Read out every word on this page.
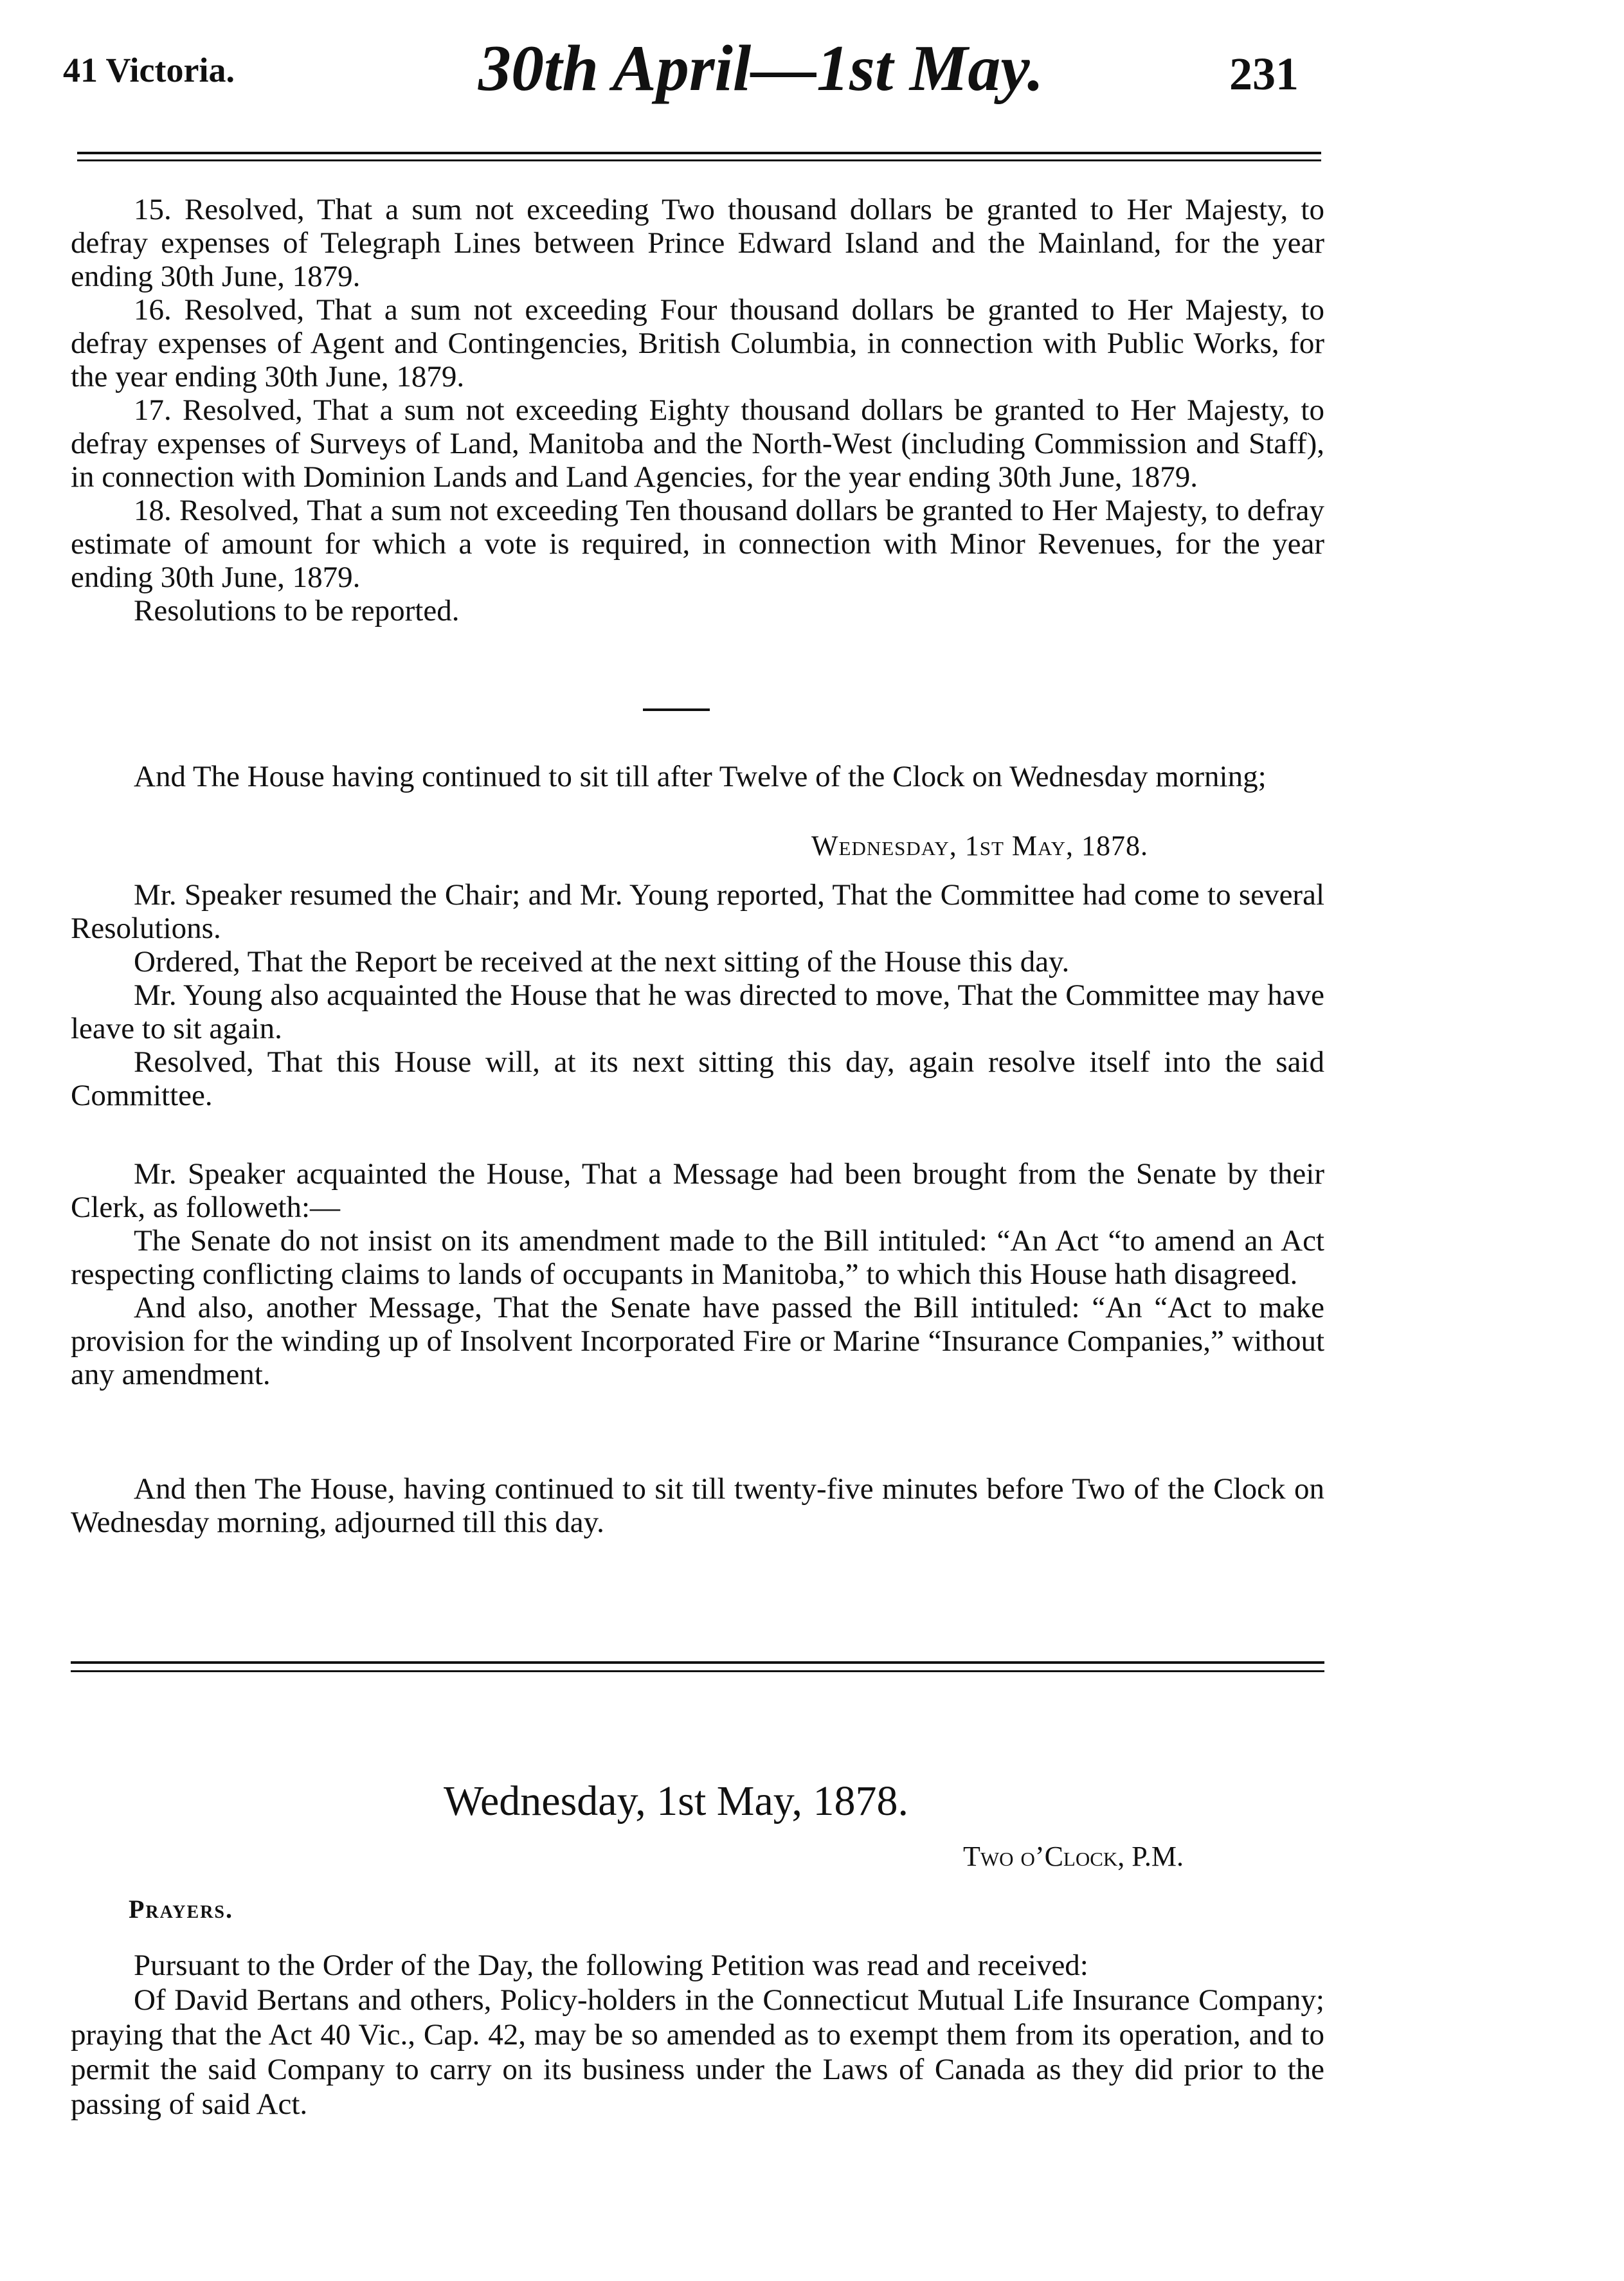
41 Victoria.	30th April—1st May.	231

15. Resolved, That a sum not exceeding Two thousand dollars be granted to Her Majesty, to defray expenses of Telegraph Lines between Prince Edward Island and the Mainland, for the year ending 30th June, 1879.

16. Resolved, That a sum not exceeding Four thousand dollars be granted to Her Majesty, to defray expenses of Agent and Contingencies, British Columbia, in connection with Public Works, for the year ending 30th June, 1879.

17. Resolved, That a sum not exceeding Eighty thousand dollars be granted to Her Majesty, to defray expenses of Surveys of Land, Manitoba and the North-West (including Commission and Staff), in connection with Dominion Lands and Land Agencies, for the year ending 30th June, 1879.

18. Resolved, That a sum not exceeding Ten thousand dollars be granted to Her Majesty, to defray estimate of amount for which a vote is required, in connection with Minor Revenues, for the year ending 30th June, 1879.

Resolutions to be reported.

And The House having continued to sit till after Twelve of the Clock on Wednesday morning;

Wednesday, 1st May, 1878.

Mr. Speaker resumed the Chair; and Mr. Young reported, That the Committee had come to several Resolutions.

Ordered, That the Report be received at the next sitting of the House this day.

Mr. Young also acquainted the House that he was directed to move, That the Committee may have leave to sit again.

Resolved, That this House will, at its next sitting this day, again resolve itself into the said Committee.

Mr. Speaker acquainted the House, That a Message had been brought from the Senate by their Clerk, as followeth:—

The Senate do not insist on its amendment made to the Bill intituled: “An Act “to amend an Act respecting conflicting claims to lands of occupants in Manitoba,” to which this House hath disagreed.

And also, another Message, That the Senate have passed the Bill intituled: “An “Act to make provision for the winding up of Insolvent Incorporated Fire or Marine “Insurance Companies,” without any amendment.

And then The House, having continued to sit till twenty-five minutes before Two of the Clock on Wednesday morning, adjourned till this day.

Wednesday, 1st May, 1878.
Two o’Clock, P.M.
Prayers.

Pursuant to the Order of the Day, the following Petition was read and received:

Of David Bertans and others, Policy-holders in the Connecticut Mutual Life Insurance Company; praying that the Act 40 Vic., Cap. 42, may be so amended as to exempt them from its operation, and to permit the said Company to carry on its business under the Laws of Canada as they did prior to the passing of said Act.
